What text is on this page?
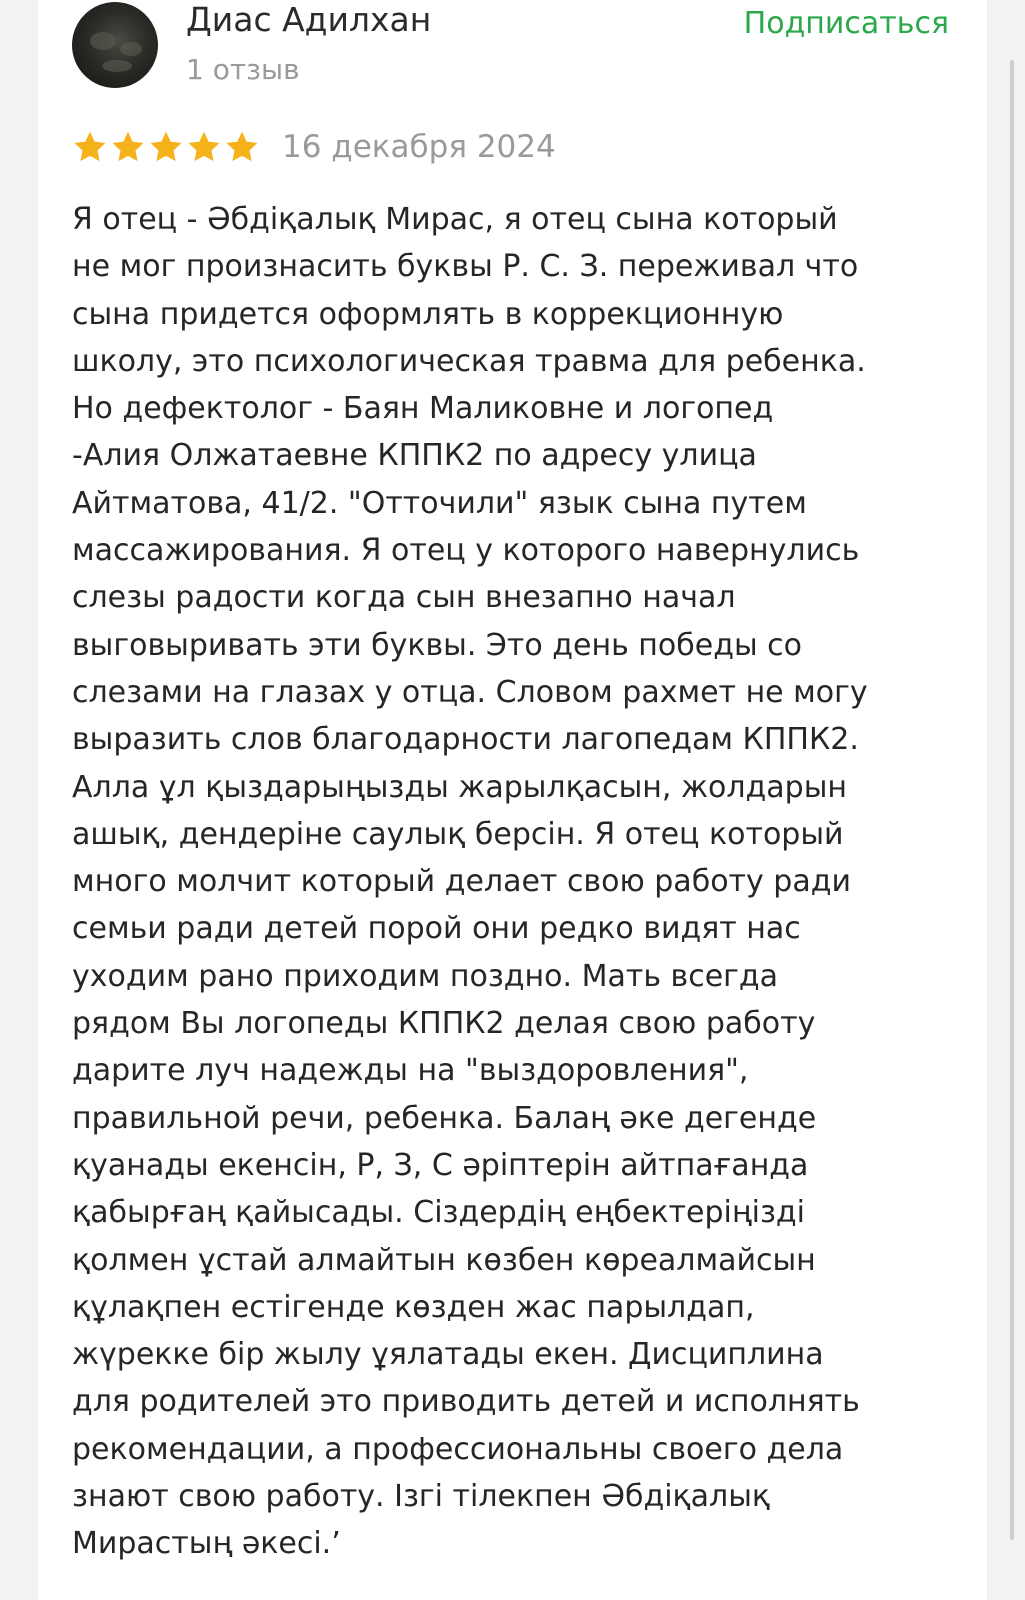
Диас Адилхан
1 отзыв
Подписаться
16 декабря 2024
Я отец - Әбдіқалық Мирас, я отец сына который
не мог произнасить буквы Р. С. З. переживал что
сына придется оформлять в коррекционную
школу, это психологическая травма для ребенка.
Но дефектолог - Баян Маликовне и логопед
-Алия Олжатаевне КППК2 по адресу улица
Айтматова, 41/2. "Отточили" язык сына путем
массажирования. Я отец у которого навернулись
слезы радости когда сын внезапно начал
выговыривать эти буквы. Это день победы со
слезами на глазах у отца. Словом рахмет не могу
выразить слов благодарности лагопедам КППК2.
Алла ұл қыздарыңызды жарылқасын, жолдарын
ашық, дендеріне саулық берсін. Я отец который
много молчит который делает свою работу ради
семьи ради детей порой они редко видят нас
уходим рано приходим поздно. Мать всегда
рядом Вы логопеды КППК2 делая свою работу
дарите луч надежды на "выздоровления",
правильной речи, ребенка. Балаң әке дегенде
қуанады екенсін, Р, З, С әріптерін айтпағанда
қабырғаң қайысады. Сіздердің еңбектеріңізді
қолмен ұстай алмайтын көзбен көреалмайсын
құлақпен естігенде көзден жас парылдап,
жүрекке бір жылу ұялатады екен. Дисциплина
для родителей это приводить детей и исполнять
рекомендации, а профессиональны своего дела
знают свою работу. Ізгі тілекпен Әбдіқалық
Мирастың әкесі.’
